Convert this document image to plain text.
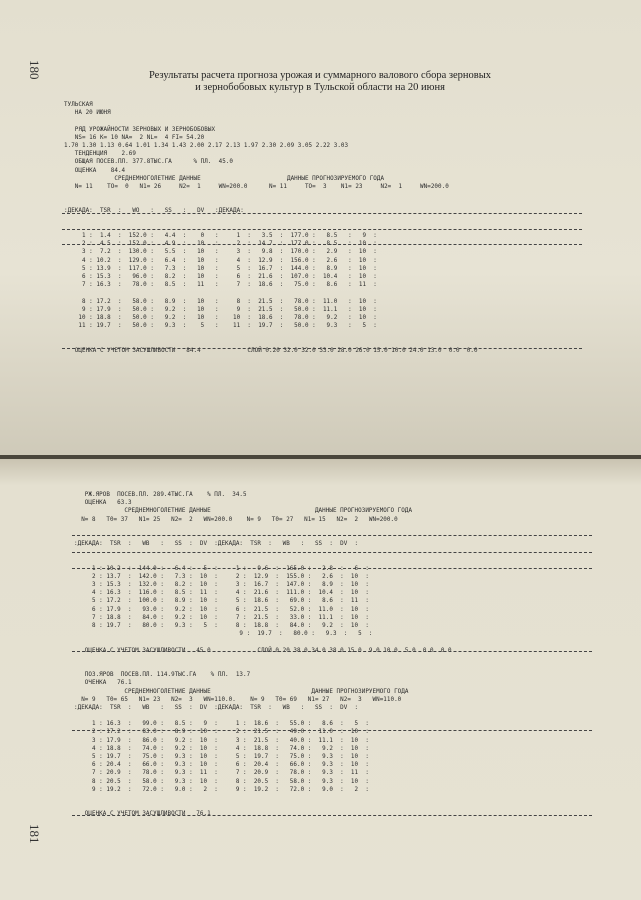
180	Результаты расчета прогноза урожая и суммарного валового сбора зерновых
и зернобобовых культур в Тульской области на 20 июня
ТУЛЬСКАЯ
НА 20 ИЮНЯ

РЯД УРОЖАЙНОСТИ ЗЕРНОВЫХ И ЗЕРНОБОБОВЫХ
NS= 16 K= 10 NA=  2 NL=  4 FI= 54.20
1.70 1.30 1.13 0.64 1.01 1.34 1.43 2.00 2.17 2.13 1.97 2.30 2.09 3.05 2.22 3.03
ТЕНДЕНЦИЯ    2.69
ОБЩАЯ ПОСЕВ.ПЛ. 377.8ТЫС.ГА      % ПЛ.  45.0
ОЦЕНКА    84.4
СРЕДНЕМНОГОЛЕТНИЕ ДАННЫЕ                        ДАННЫЕ ПРОГНОЗИРУЕМОГО ГОДА
N= 11    TO=  0   N1= 26     N2=  1     WN=200.0      N= 11     TO=  3    N1= 23     N2=  1     WN=200.0

:ДЕКАДА:  TSR  :   WO   :   SS   :   DV   :ДЕКАДА:

1 :  1.4  :  152.0 :   4.4  :    0   :     1  :   3.5  :  177.0 :   8.5   :   9  :
2 :  4.5  :  152.0 :   4.9  :   10   :     2  :  14.7  :  177.0 :   8.5   :  10  :
3 :  7.2  :  130.0 :   5.5  :   10   :     3  :   9.8  :  170.0 :   2.9   :  10  :
4 : 10.2  :  129.0 :   6.4  :   10   :     4  :  12.9  :  156.0 :   2.6   :  10  :
5 : 13.9  :  117.0 :   7.3  :   10   :     5  :  16.7  :  144.0 :   8.9   :  10  :
6 : 15.3  :   96.0 :   8.2  :   10   :     6  :  21.6  :  107.0 :  10.4   :  10  :
7 : 16.3  :   78.0 :   8.5  :   11   :     7  :  18.6  :   75.0 :   8.6   :  11  :

8 : 17.2  :   58.0 :   8.9  :   10   :     8  :  21.5  :   78.0 :  11.0   :  10  :
9 : 17.9  :   50.0 :   9.2  :   10   :     9  :  21.5  :   50.0 :  11.1   :  10  :
10 : 18.8  :   50.0 :   9.2  :   10   :    10  :  18.6  :   78.0 :   9.2   :  10  :
11 : 19.7  :   50.0 :   9.3  :    5   :    11  :  19.7  :   50.0 :   9.3   :   5  :

ОЦЕНКА С УЧЕТОМ ЗАСУШЛИВОСТИ   84.4             СЛОЙ 0.20 32.0 32.0 33.0 28.0 26.0 15.0 10.0 24.0 13.0  0.0  0.0
181
РЖ.ЯРОВ  ПОСЕВ.ПЛ. 289.4ТЫС.ГА    % ПЛ.  34.5
ОЦЕНКА   63.3
СРЕДНЕМНОГОЛЕТНИЕ ДАННЫЕ                             ДАННЫЕ ПРОГНОЗИРУЕМОГО ГОДА
N= 8   T0= 37   N1= 25   N2=  2   WN=200.0    N= 9   T0= 27   N1= 15   N2=  2   WN=200.0

:ДЕКАДА:  TSR  :   WB   :   SS  :  DV  :ДЕКАДА:  TSR  :   WB   :   SS  :  DV  :

1 : 10.2  :  144.0 :   6.4 :   5  :     1 :   9.6  :  165.0 :   2.8  :   6  :
2 : 13.7  :  142.0 :   7.3 :  10  :     2 :  12.9  :  155.0 :   2.6  :  10  :
3 : 15.3  :  132.0 :   8.2 :  10  :     3 :  16.7  :  147.0 :   8.9  :  10  :
4 : 16.3  :  116.0 :   8.5 :  11  :     4 :  21.6  :  111.0 :  10.4  :  10  :
5 : 17.2  :  100.0 :   8.9 :  10  :     5 :  18.6  :   69.0 :   8.6  :  11  :
6 : 17.9  :   93.0 :   9.2 :  10  :     6 :  21.5  :   52.0 :  11.0  :  10  :
7 : 18.8  :   84.0 :   9.2 :  10  :     7 :  21.5  :   33.0 :  11.1  :  10  :
8 : 19.7  :   80.0 :   9.3 :   5  :     8 :  18.8  :   84.0 :   9.2  :  10  :
9 :  19.7  :   80.0 :   9.3  :   5  :

ОЦЕНКА С УЧЕТОМ ЗАСУШЛИВОСТИ   45.0             СЛОЙ 0.20 38.0 34.0 38.0 15.0  9.0 10.0  5.0  0.0  0.0

ПОЗ.ЯРОВ  ПОСЕВ.ПЛ. 114.9ТЫС.ГА    % ПЛ.  13.7
ОЧЕНКА   76.1
СРЕДНЕМНОГОЛЕТНИЕ ДАННЫЕ                            ДАННЫЕ ПРОГНОЗИРУЕМОГО ГОДА
N= 9   T0= 65   N1= 23   N2=  3   WN=110.0.    N= 9   T0= 69   N1= 27   N2=  3   WN=110.0
:ДЕКАДА:  TSR  :   WB   :   SS  :  DV  :ДЕКАДА:  TSR  :   WB   :   SS  :  DV  :

1 : 16.3  :   99.0 :   8.5 :   9  :     1 :  18.6  :   55.0 :   8.6  :   5  :
2 : 17.2  :   83.0 :   8.9 :  10  :     2 :  21.5  :   49.0 :  11.0  :  10  :
3 : 17.9  :   86.0 :   9.2 :  10  :     3 :  21.5  :   40.0 :  11.1  :  10  :
4 : 18.8  :   74.0 :   9.2 :  10  :     4 :  18.8  :   74.0 :   9.2  :  10  :
5 : 19.7  :   75.0 :   9.3 :  10  :     5 :  19.7  :   75.0 :   9.3  :  10  :
6 : 20.4  :   66.0 :   9.3 :  10  :     6 :  20.4  :   66.0 :   9.3  :  10  :
7 : 20.9  :   78.0 :   9.3 :  11  :     7 :  20.9  :   78.0 :   9.3  :  11  :
8 : 20.5  :   58.0 :   9.3 :  10  :     8 :  20.5  :   58.0 :   9.3  :  10  :
9 : 19.2  :   72.0 :   9.0 :   2  :     9 :  19.2  :   72.0 :   9.0  :   2  :

ОЦЕНКА С УЧЕТОМ ЗАСУШЛИВОСТИ   76.1
